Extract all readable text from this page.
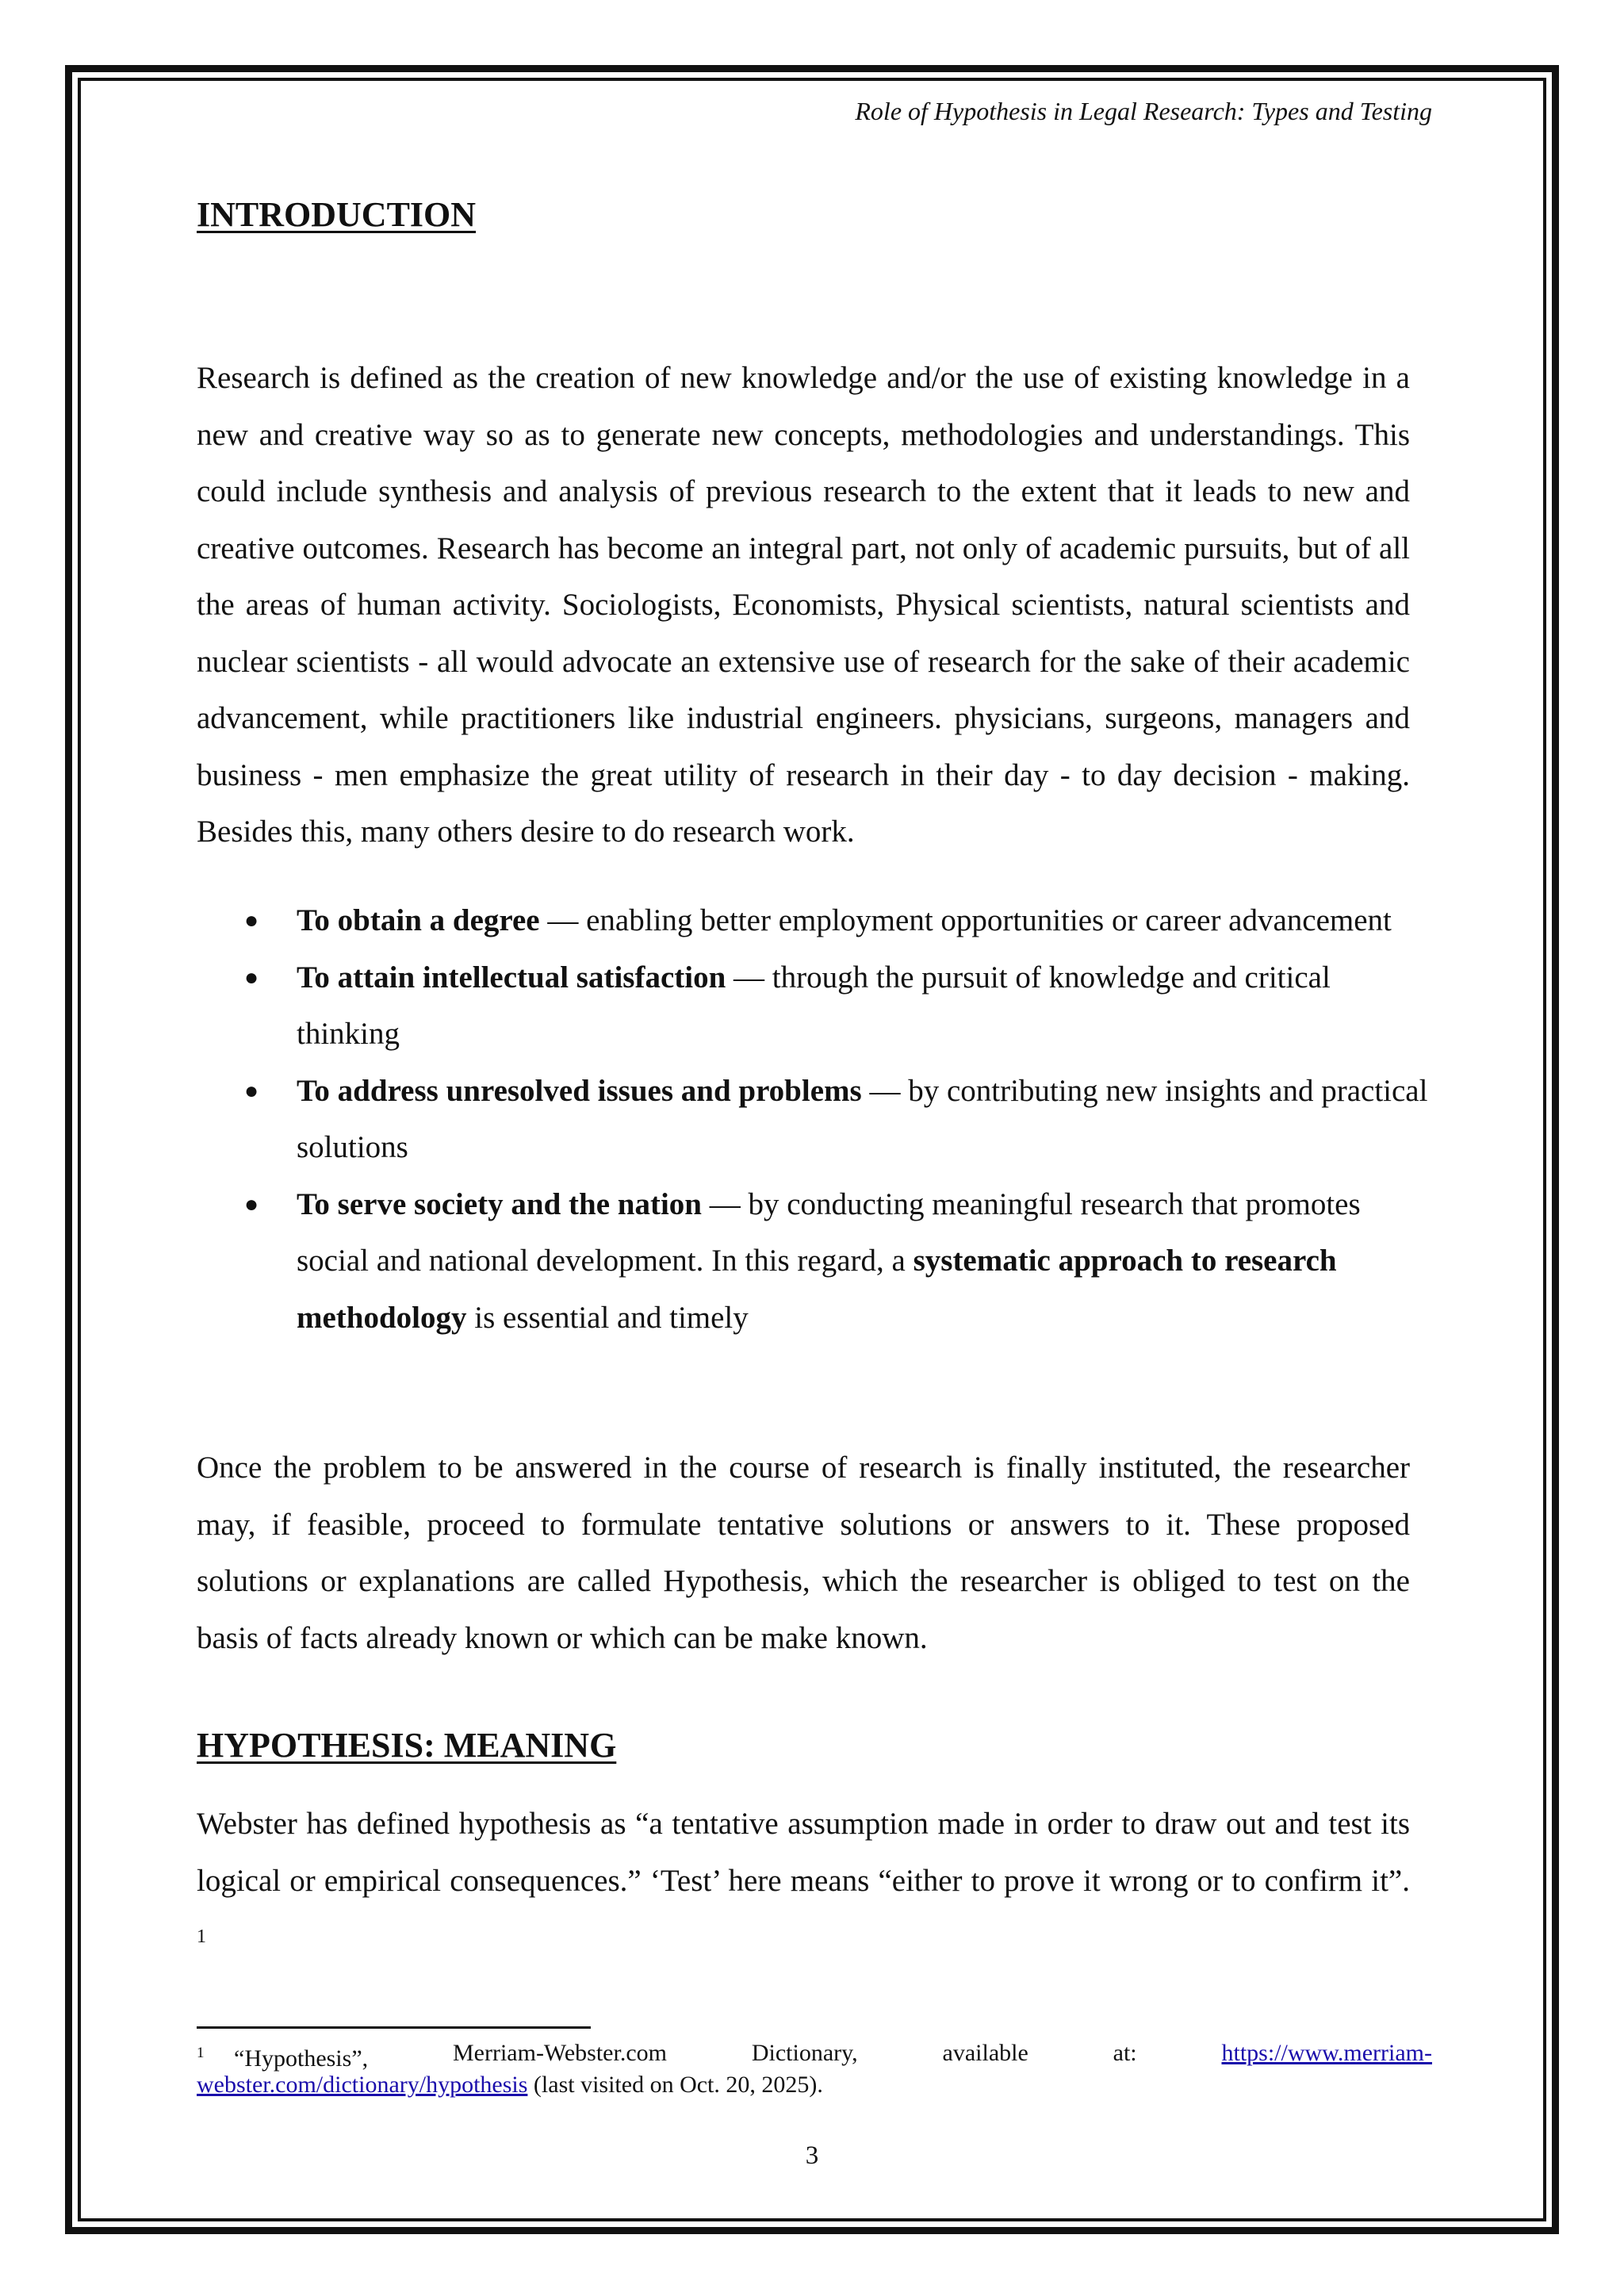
Role of Hypothesis in Legal Research: Types and Testing
INTRODUCTION

Research is defined as the creation of new knowledge and/or the use of existing knowledge in a new and creative way so as to generate new concepts, methodologies and understandings. This could include synthesis and analysis of previous research to the extent that it leads to new and creative outcomes. Research has become an integral part, not only of academic pursuits, but of all the areas of human activity. Sociologists, Economists, Physical scientists, natural scientists and nuclear scientists - all would advocate an extensive use of research for the sake of their academic advancement, while practitioners like industrial engineers. physicians, surgeons, managers and business - men emphasize the great utility of research in their day - to day decision - making. Besides this, many others desire to do research work.

● To obtain a degree — enabling better employment opportunities or career advancement
● To attain intellectual satisfaction — through the pursuit of knowledge and critical thinking
● To address unresolved issues and problems — by contributing new insights and practical solutions
● To serve society and the nation — by conducting meaningful research that promotes social and national development. In this regard, a systematic approach to research methodology is essential and timely

Once the problem to be answered in the course of research is finally instituted, the researcher may, if feasible, proceed to formulate tentative solutions or answers to it. These proposed solutions or explanations are called Hypothesis, which the researcher is obliged to test on the basis of facts already known or which can be make known.

HYPOTHESIS: MEANING

Webster has defined hypothesis as “a tentative assumption made in order to draw out and test its logical or empirical consequences.” ‘Test’ here means “either to prove it wrong or to confirm it”. $^1$

$^1$ “Hypothesis”,	Merriam-Webster.com	Dictionary,	available	at:	https://www.merriam-
webster.com/dictionary/hypothesis (last visited on Oct. 20, 2025).
3
